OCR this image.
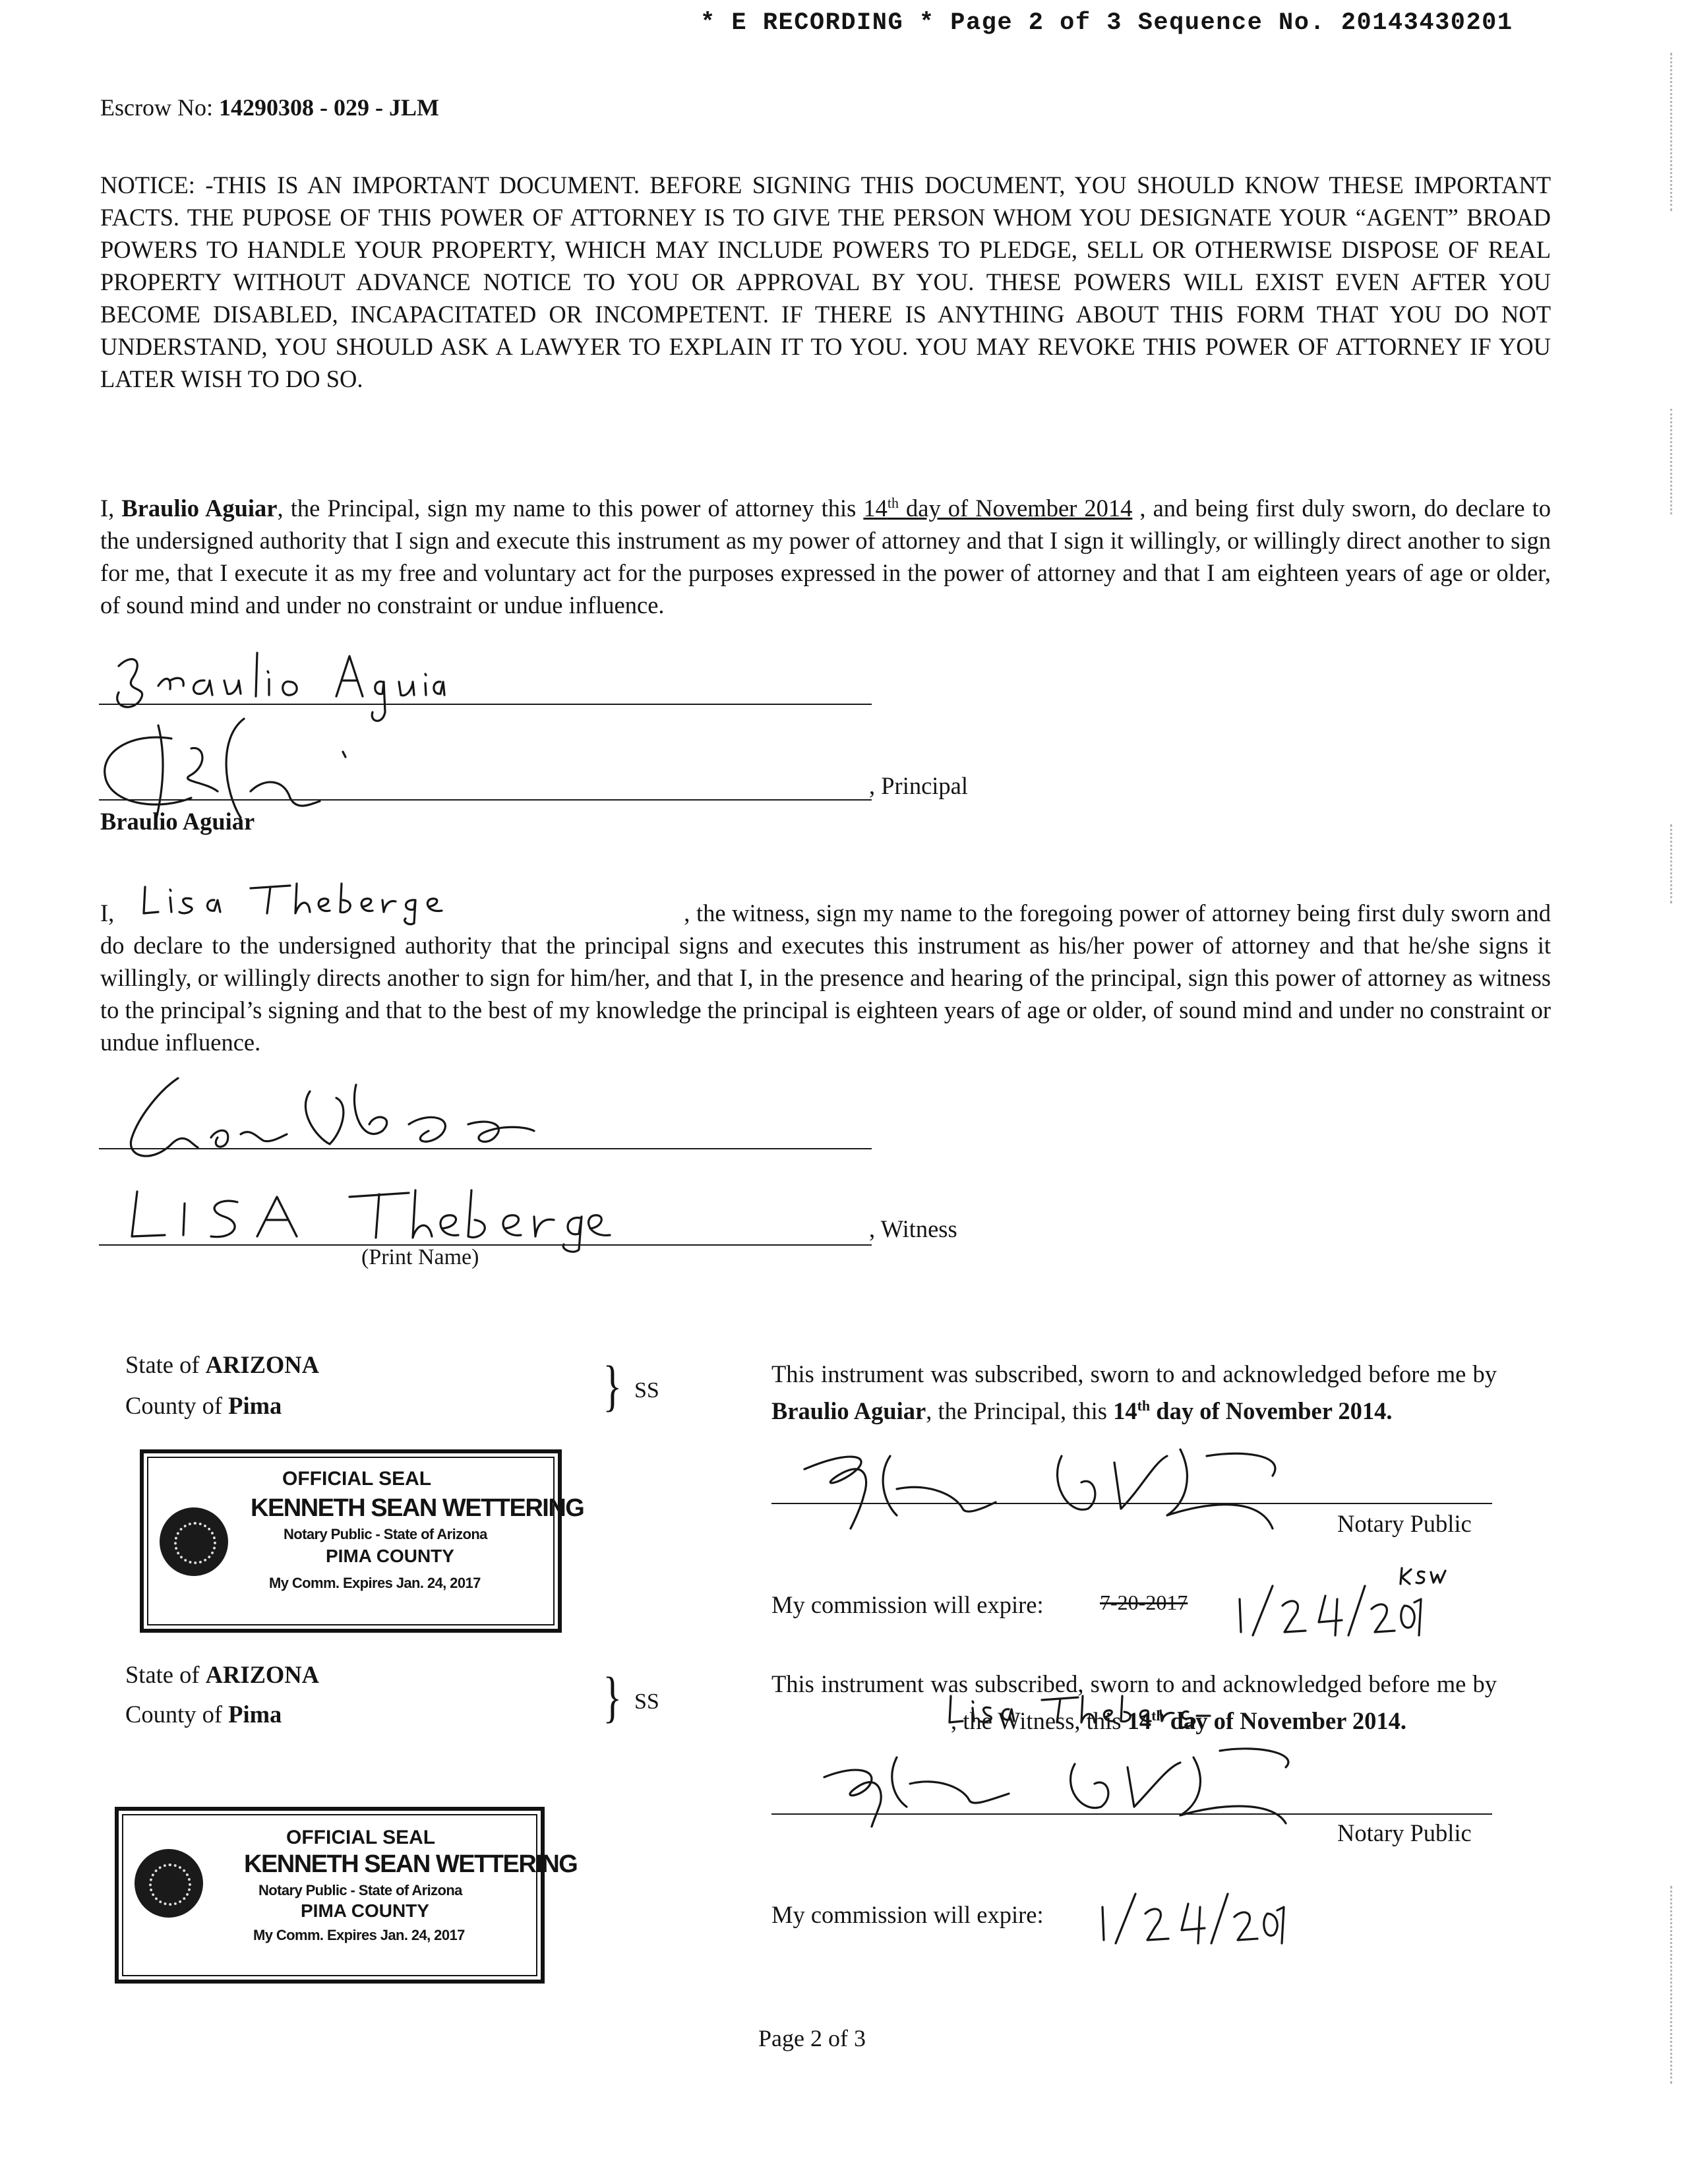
* E RECORDING * Page 2 of 3 Sequence No. 20143430201
Escrow No: 14290308 - 029 - JLM
NOTICE: -THIS IS AN IMPORTANT DOCUMENT. BEFORE SIGNING THIS DOCUMENT, YOU SHOULD KNOW THESE IMPORTANT FACTS. THE PUPOSE OF THIS POWER OF ATTORNEY IS TO GIVE THE PERSON WHOM YOU DESIGNATE YOUR “AGENT” BROAD POWERS TO HANDLE YOUR PROPERTY, WHICH MAY INCLUDE POWERS TO PLEDGE, SELL OR OTHERWISE DISPOSE OF REAL PROPERTY WITHOUT ADVANCE NOTICE TO YOU OR APPROVAL BY YOU. THESE POWERS WILL EXIST EVEN AFTER YOU BECOME DISABLED, INCAPACITATED OR INCOMPETENT. IF THERE IS ANYTHING ABOUT THIS FORM THAT YOU DO NOT UNDERSTAND, YOU SHOULD ASK A LAWYER TO EXPLAIN IT TO YOU. YOU MAY REVOKE THIS POWER OF ATTORNEY IF YOU LATER WISH TO DO SO.
I, Braulio Aguiar, the Principal, sign my name to this power of attorney this 14th day of November 2014 , and being first duly sworn, do declare to the undersigned authority that I sign and execute this instrument as my power of attorney and that I sign it willingly, or willingly direct another to sign for me, that I execute it as my free and voluntary act for the purposes expressed in the power of attorney and that I am eighteen years of age or older, of sound mind and under no constraint or undue influence.
, Principal
Braulio Aguiar
I,	, the witness, sign my name to the foregoing power of attorney being first duly sworn and do declare to the undersigned authority that the principal signs and executes this instrument as his/her power of attorney and that he/she signs it willingly, or willingly directs another to sign for him/her, and that I, in the presence and hearing of the principal, sign this power of attorney as witness to the principal’s signing and that to the best of my knowledge the principal is eighteen years of age or older, of sound mind and under no constraint or undue influence.
, Witness
(Print Name)
State of ARIZONA
County of Pima	} SS
This instrument was subscribed, sworn to and acknowledged before me by Braulio Aguiar, the Principal, this 14th day of November 2014.
Notary Public
My commission will expire:	7-20-2017
OFFICIAL SEAL
KENNETH SEAN WETTERING
Notary Public - State of Arizona
PIMA COUNTY
My Comm. Expires Jan. 24, 2017
State of ARIZONA
County of Pima	} SS
This instrument was subscribed, sworn to and acknowledged before me by , the Witness, this 14th day of November 2014.
Notary Public
My commission will expire:
OFFICIAL SEAL
KENNETH SEAN WETTERING
Notary Public - State of Arizona
PIMA COUNTY
My Comm. Expires Jan. 24, 2017
Page 2 of 3
